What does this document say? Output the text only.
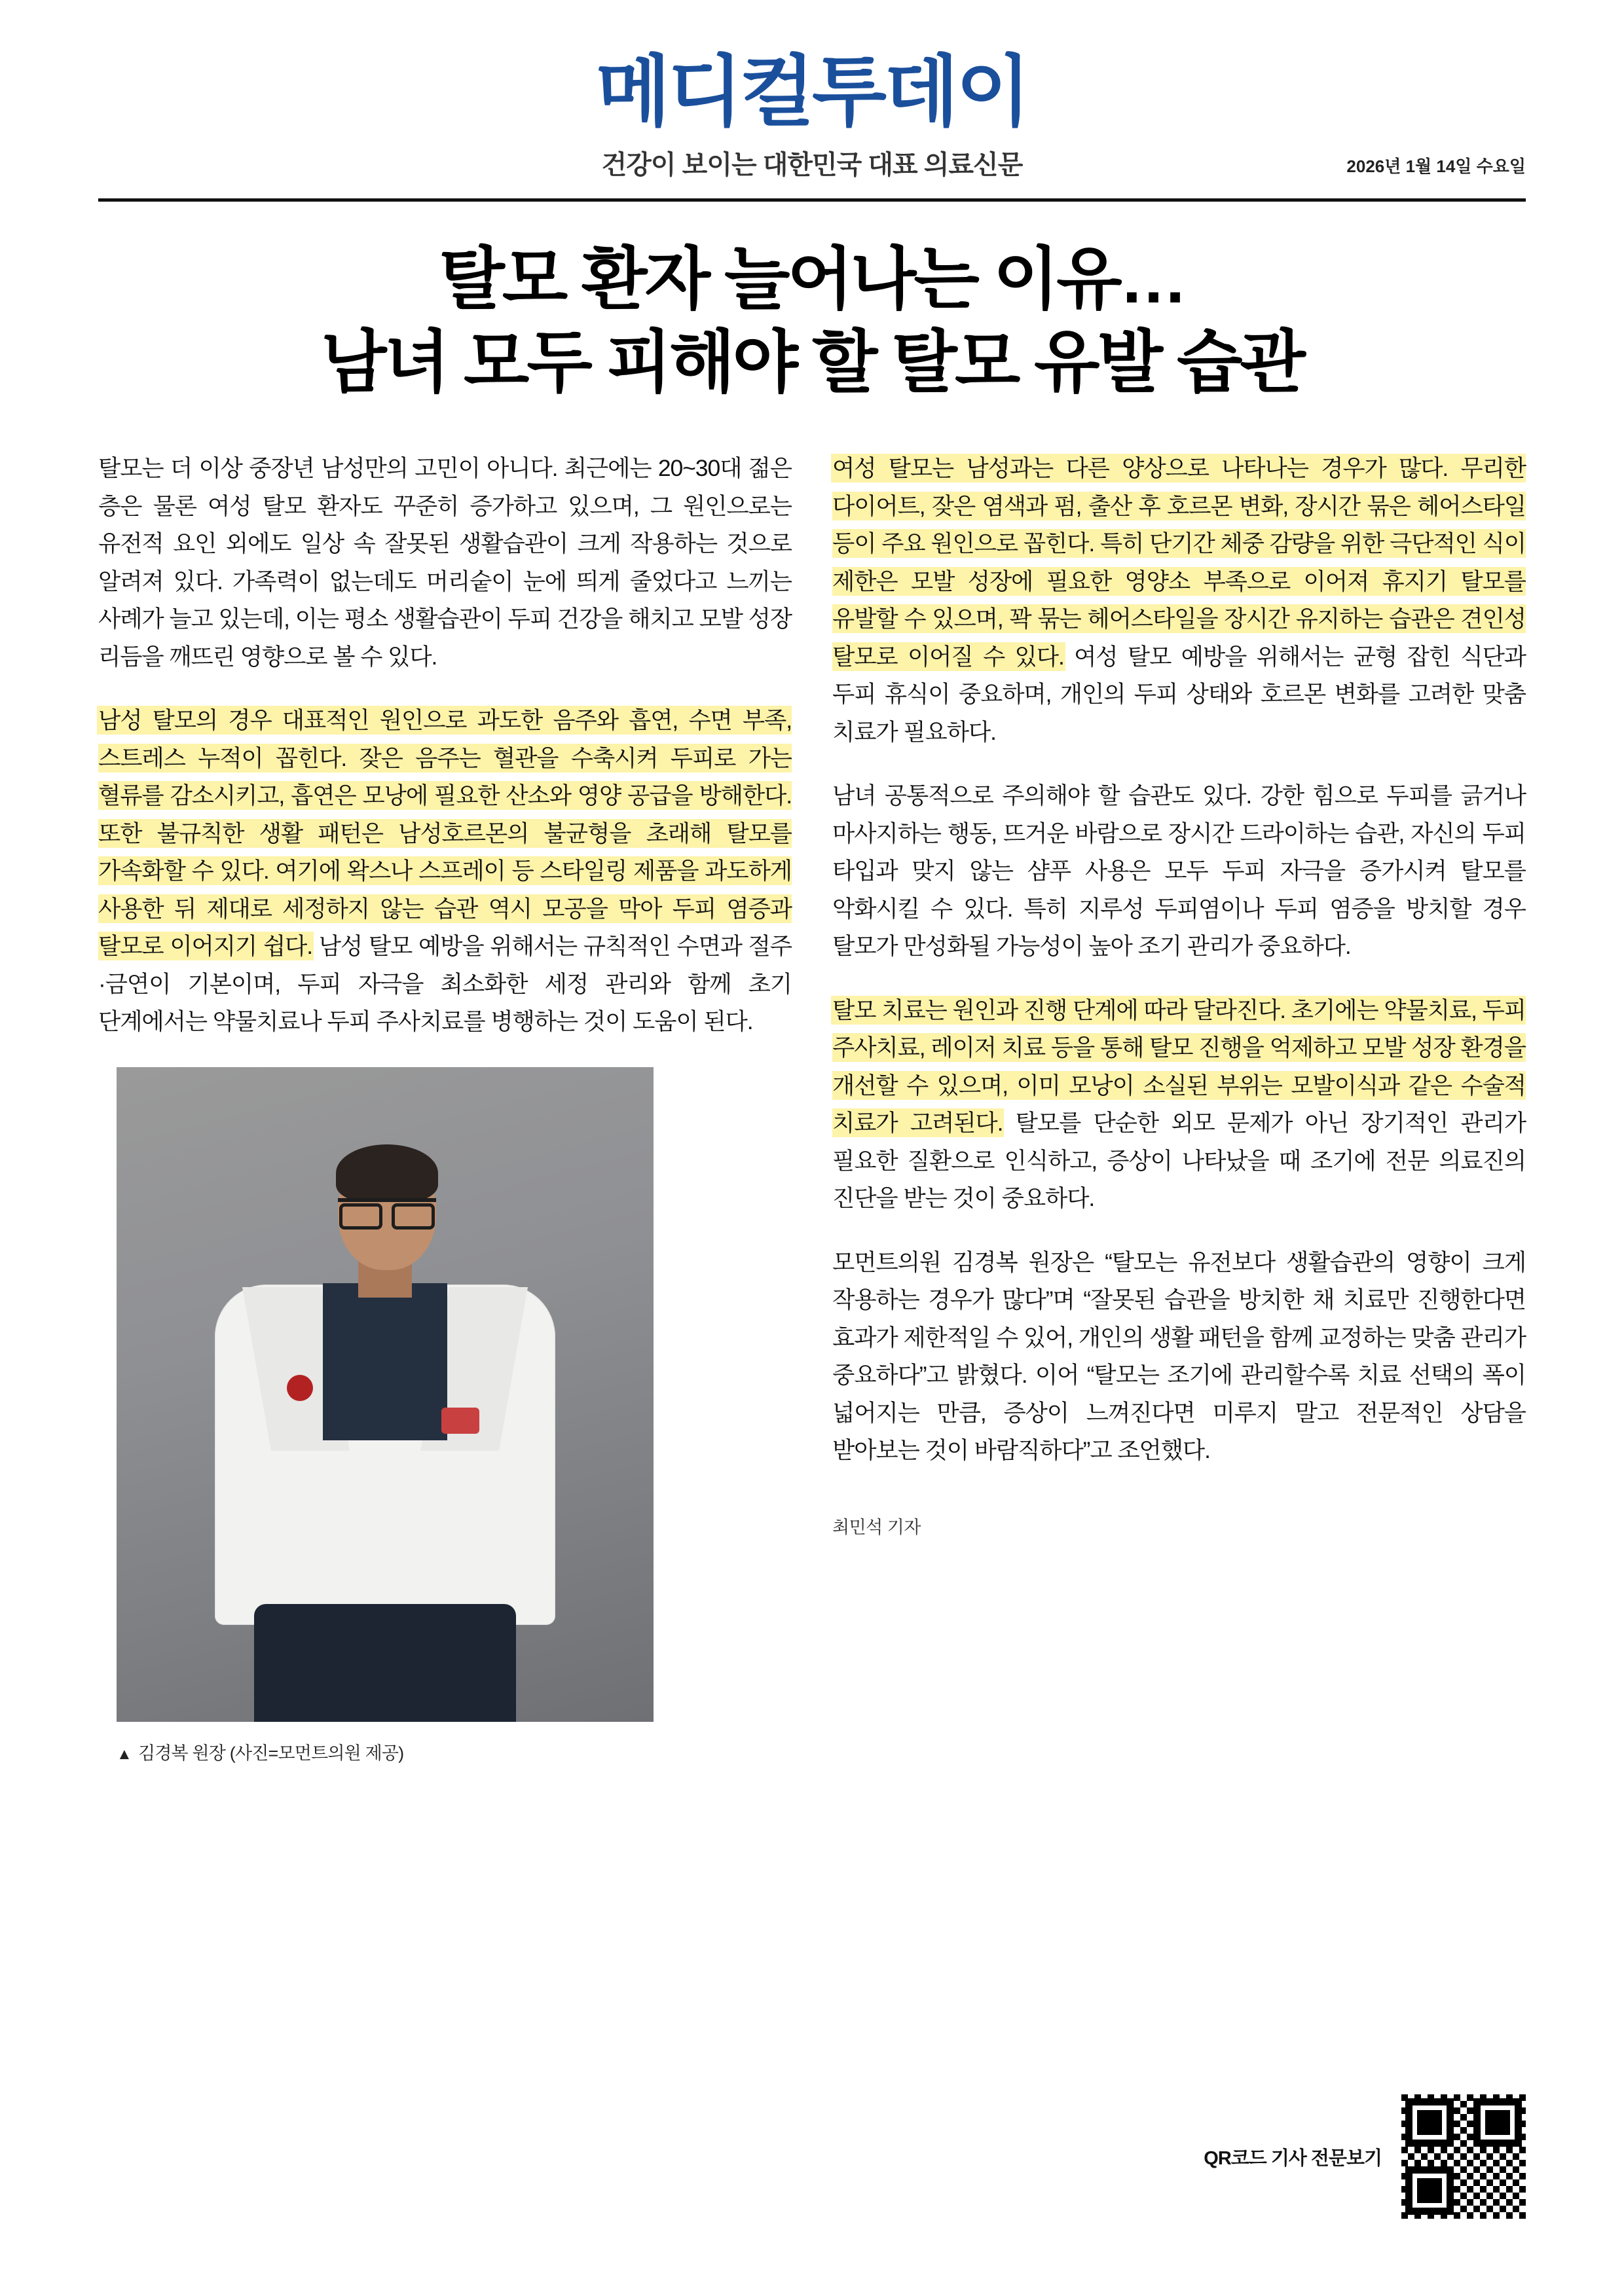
메디컬투데이
건강이 보이는 대한민국 대표 의료신문	2026년 1월 14일 수요일
탈모 환자 늘어나는 이유…
남녀 모두 피해야 할 탈모 유발 습관

탈모는 더 이상 중장년 남성만의 고민이 아니다. 최근에는 20~30대 젊은 층은 물론 여성 탈모 환자도 꾸준히 증가하고 있으며, 그 원인으로는 유전적 요인 외에도 일상 속 잘못된 생활습관이 크게 작용하는 것으로 알려져 있다. 가족력이 없는데도 머리숱이 눈에 띄게 줄었다고 느끼는 사례가 늘고 있는데, 이는 평소 생활습관이 두피 건강을 해치고 모발 성장 리듬을 깨뜨린 영향으로 볼 수 있다.

남성 탈모의 경우 대표적인 원인으로 과도한 음주와 흡연, 수면 부족, 스트레스 누적이 꼽힌다. 잦은 음주는 혈관을 수축시켜 두피로 가는 혈류를 감소시키고, 흡연은 모낭에 필요한 산소와 영양 공급을 방해한다. 또한 불규칙한 생활 패턴은 남성호르몬의 불균형을 초래해 탈모를 가속화할 수 있다. 여기에 왁스나 스프레이 등 스타일링 제품을 과도하게 사용한 뒤 제대로 세정하지 않는 습관 역시 모공을 막아 두피 염증과 탈모로 이어지기 쉽다. 남성 탈모 예방을 위해서는 규칙적인 수면과 절주·금연이 기본이며, 두피 자극을 최소화한 세정 관리와 함께 초기 단계에서는 약물치료나 두피 주사치료를 병행하는 것이 도움이 된다.

▲ 김경복 원장 (사진=모먼트의원 제공)

여성 탈모는 남성과는 다른 양상으로 나타나는 경우가 많다. 무리한 다이어트, 잦은 염색과 펌, 출산 후 호르몬 변화, 장시간 묶은 헤어스타일 등이 주요 원인으로 꼽힌다. 특히 단기간 체중 감량을 위한 극단적인 식이 제한은 모발 성장에 필요한 영양소 부족으로 이어져 휴지기 탈모를 유발할 수 있으며, 꽉 묶는 헤어스타일을 장시간 유지하는 습관은 견인성 탈모로 이어질 수 있다. 여성 탈모 예방을 위해서는 균형 잡힌 식단과 두피 휴식이 중요하며, 개인의 두피 상태와 호르몬 변화를 고려한 맞춤 치료가 필요하다.

남녀 공통적으로 주의해야 할 습관도 있다. 강한 힘으로 두피를 긁거나 마사지하는 행동, 뜨거운 바람으로 장시간 드라이하는 습관, 자신의 두피 타입과 맞지 않는 샴푸 사용은 모두 두피 자극을 증가시켜 탈모를 악화시킬 수 있다. 특히 지루성 두피염이나 두피 염증을 방치할 경우 탈모가 만성화될 가능성이 높아 조기 관리가 중요하다.

탈모 치료는 원인과 진행 단계에 따라 달라진다. 초기에는 약물치료, 두피 주사치료, 레이저 치료 등을 통해 탈모 진행을 억제하고 모발 성장 환경을 개선할 수 있으며, 이미 모낭이 소실된 부위는 모발이식과 같은 수술적 치료가 고려된다. 탈모를 단순한 외모 문제가 아닌 장기적인 관리가 필요한 질환으로 인식하고, 증상이 나타났을 때 조기에 전문 의료진의 진단을 받는 것이 중요하다.

모먼트의원 김경복 원장은 “탈모는 유전보다 생활습관의 영향이 크게 작용하는 경우가 많다”며 “잘못된 습관을 방치한 채 치료만 진행한다면 효과가 제한적일 수 있어, 개인의 생활 패턴을 함께 교정하는 맞춤 관리가 중요하다”고 밝혔다. 이어 “탈모는 조기에 관리할수록 치료 선택의 폭이 넓어지는 만큼, 증상이 느껴진다면 미루지 말고 전문적인 상담을 받아보는 것이 바람직하다”고 조언했다.

최민석 기자
QR코드 기사 전문보기
